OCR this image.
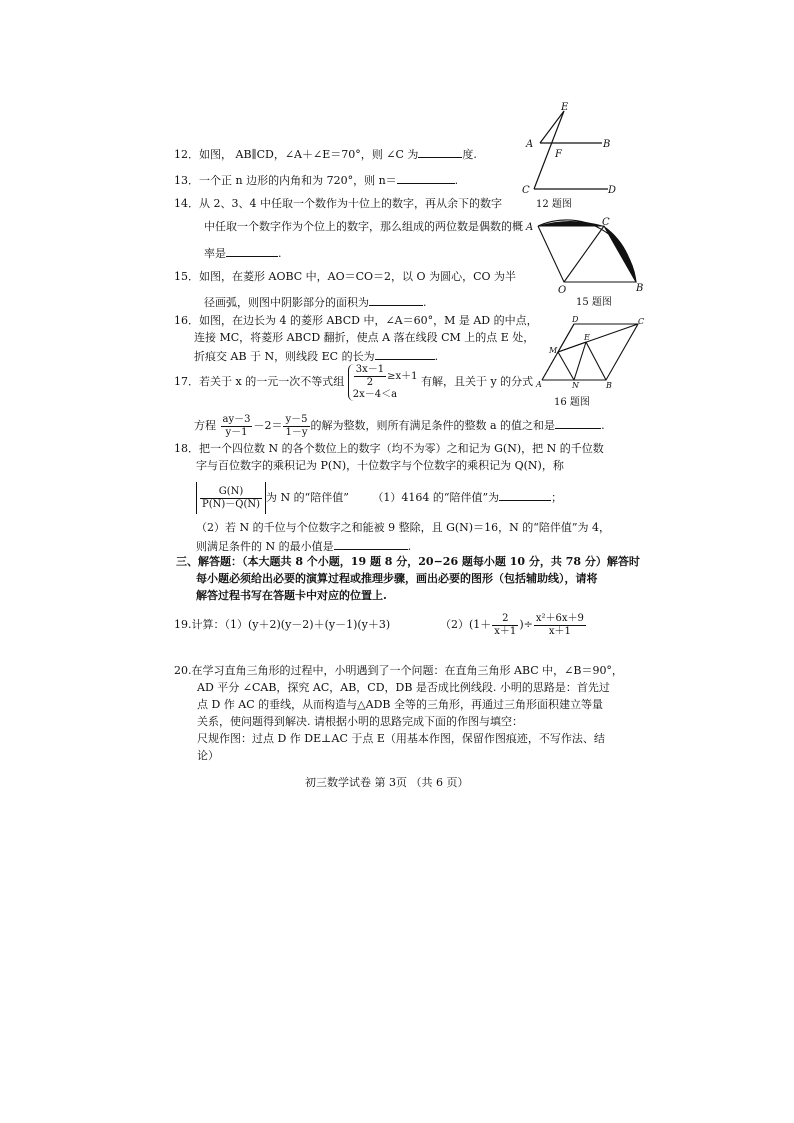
12．如图， AB∥CD，∠A＋∠E＝70°，则 ∠C 为	度.
13．一个正 n 边形的内角和为 720°，则 n＝	.
14．从 2、3、4 中任取一个数作为十位上的数字，再从余下的数字
中任取一个数字作为个位上的数字，那么组成的两位数是偶数的概
率是	.
15．如图，在菱形 AOBC 中，AO＝CO＝2，以 O 为圆心，CO 为半
径画弧，则图中阴影部分的面积为	.
16．如图，在边长为 4 的菱形 ABCD 中，∠A＝60°，M 是 AD 的中点，
连接 MC，将菱形 ABCD 翻折，使点 A 落在线段 CM 上的点 E 处，
折痕交 AB 于 N，则线段 EC 的长为	.
17．若关于 x 的一元一次不等式组 $\frac{3x-1}{2} \ge x+1$
2x－4＜a
有解，且关于 y 的分式
方程 $\frac{ay-3}{y-1} -2= \frac{y-5}{1-y}$ 的解为整数，则所有满足条件的整数 a 的值之和是	.
18．把一个四位数 N 的各个数位上的数字（均不为零）之和记为 G(N)，把 N 的千位数
字与百位数字的乘积记为 P(N)，十位数字与个位数字的乘积记为 Q(N)，称
$\frac{G(N)}{P(N)-Q(N)}$ 为 N 的“陪伴值” （1）4164 的“陪伴值”为	；
（2）若 N 的千位与个位数字之和能被 9 整除，且 G(N)＝16，N 的“陪伴值”为 4，
则满足条件的 N 的最小值是	.
三、解答题：（本大题共 8 个小题，19 题 8 分，20−26 题每小题 10 分，共 78 分）解答时
每小题必须给出必要的演算过程或推理步骤，画出必要的图形（包括辅助线），请将
解答过程书写在答题卡中对应的位置上.
19.计算：（1）(y＋2)(y－2)＋(y－1)(y＋3)	$(2)(1+ \frac{2}{x+1}$ )÷ $\frac{\text{x²＋6x＋9}}{x+1}$
20.在学习直角三角形的过程中，小明遇到了一个问题：在直角三角形 ABC 中，∠B＝90°，
AD 平分 ∠CAB，探究 AC，AB，CD，DB 是否成比例线段. 小明的思路是：首先过
点 D 作 AC 的垂线，从而构造与△ADB 全等的三角形，再通过三角形面积建立等量
关系，使问题得到解决. 请根据小明的思路完成下面的作图与填空：
尺规作图：过点 D 作 DE⊥AC 于点 E（用基本作图，保留作图痕迹，不写作法、结
论）
初三数学试卷 第 3页 （共 6 页）
E
A
F
B
C	D
12 题图
A	C
O	B
15 题图
D	C
M
E
A	N	B
16 题图
